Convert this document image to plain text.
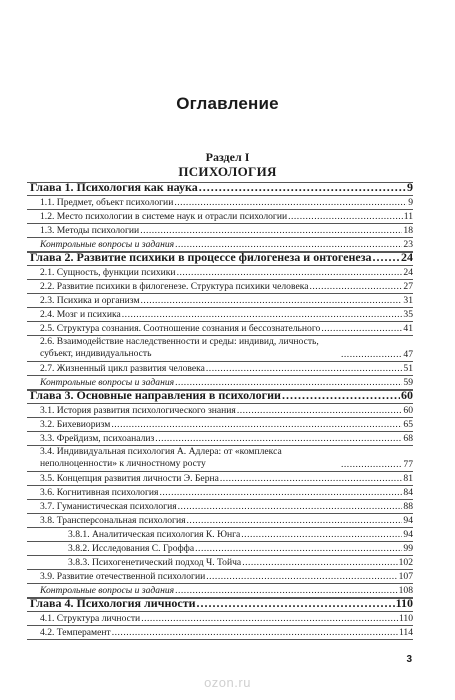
Оглавление
Раздел I
ПСИХОЛОГИЯ
Глава 1. Психология как наука .....	9
1.1. Предмет, объект психологии .....	9
1.2. Место психологии в системе наук и отрасли психологии .....	11
1.3. Методы психологии .....	18
Контрольные вопросы и задания .....	23
Глава 2. Развитие психики в процессе филогенеза и онтогенеза ..... 24
2.1. Сущность, функции психики .....	24
2.2. Развитие психики в филогенезе. Структура психики человека .....	27
2.3. Психика и организм .....	31
2.4. Мозг и психика .....	35
2.5. Структура сознания. Соотношение сознания и бессознательного .....	41
2.6. Взаимодействие наследственности и среды: индивид, личность, субъект, индивидуальность .....	47
2.7. Жизненный цикл развития человека .....	51
Контрольные вопросы и задания .....	59
Глава 3. Основные направления в психологии .....	60
3.1. История развития психологического знания .....	60
3.2. Бихевиоризм .....	65
3.3. Фрейдизм, психоанализ .....	68
3.4. Индивидуальная психология А. Адлера: от «комплекса неполноценности» к личностному росту .....	77
3.5. Концепция развития личности Э. Берна .....	81
3.6. Когнитивная психология .....	84
3.7. Гуманистическая психология .....	88
3.8. Трансперсональная психология .....	94
3.8.1. Аналитическая психология К. Юнга .....	94
3.8.2. Исследования С. Гроффа .....	99
3.8.3. Психогенетический подход Ч. Тойча .....	102
3.9. Развитие отечественной психологии .....	107
Контрольные вопросы и задания .....	108
Глава 4. Психология личности .....	110
4.1. Структура личности .....	110
4.2. Темперамент .....	114
3
ozon.ru
